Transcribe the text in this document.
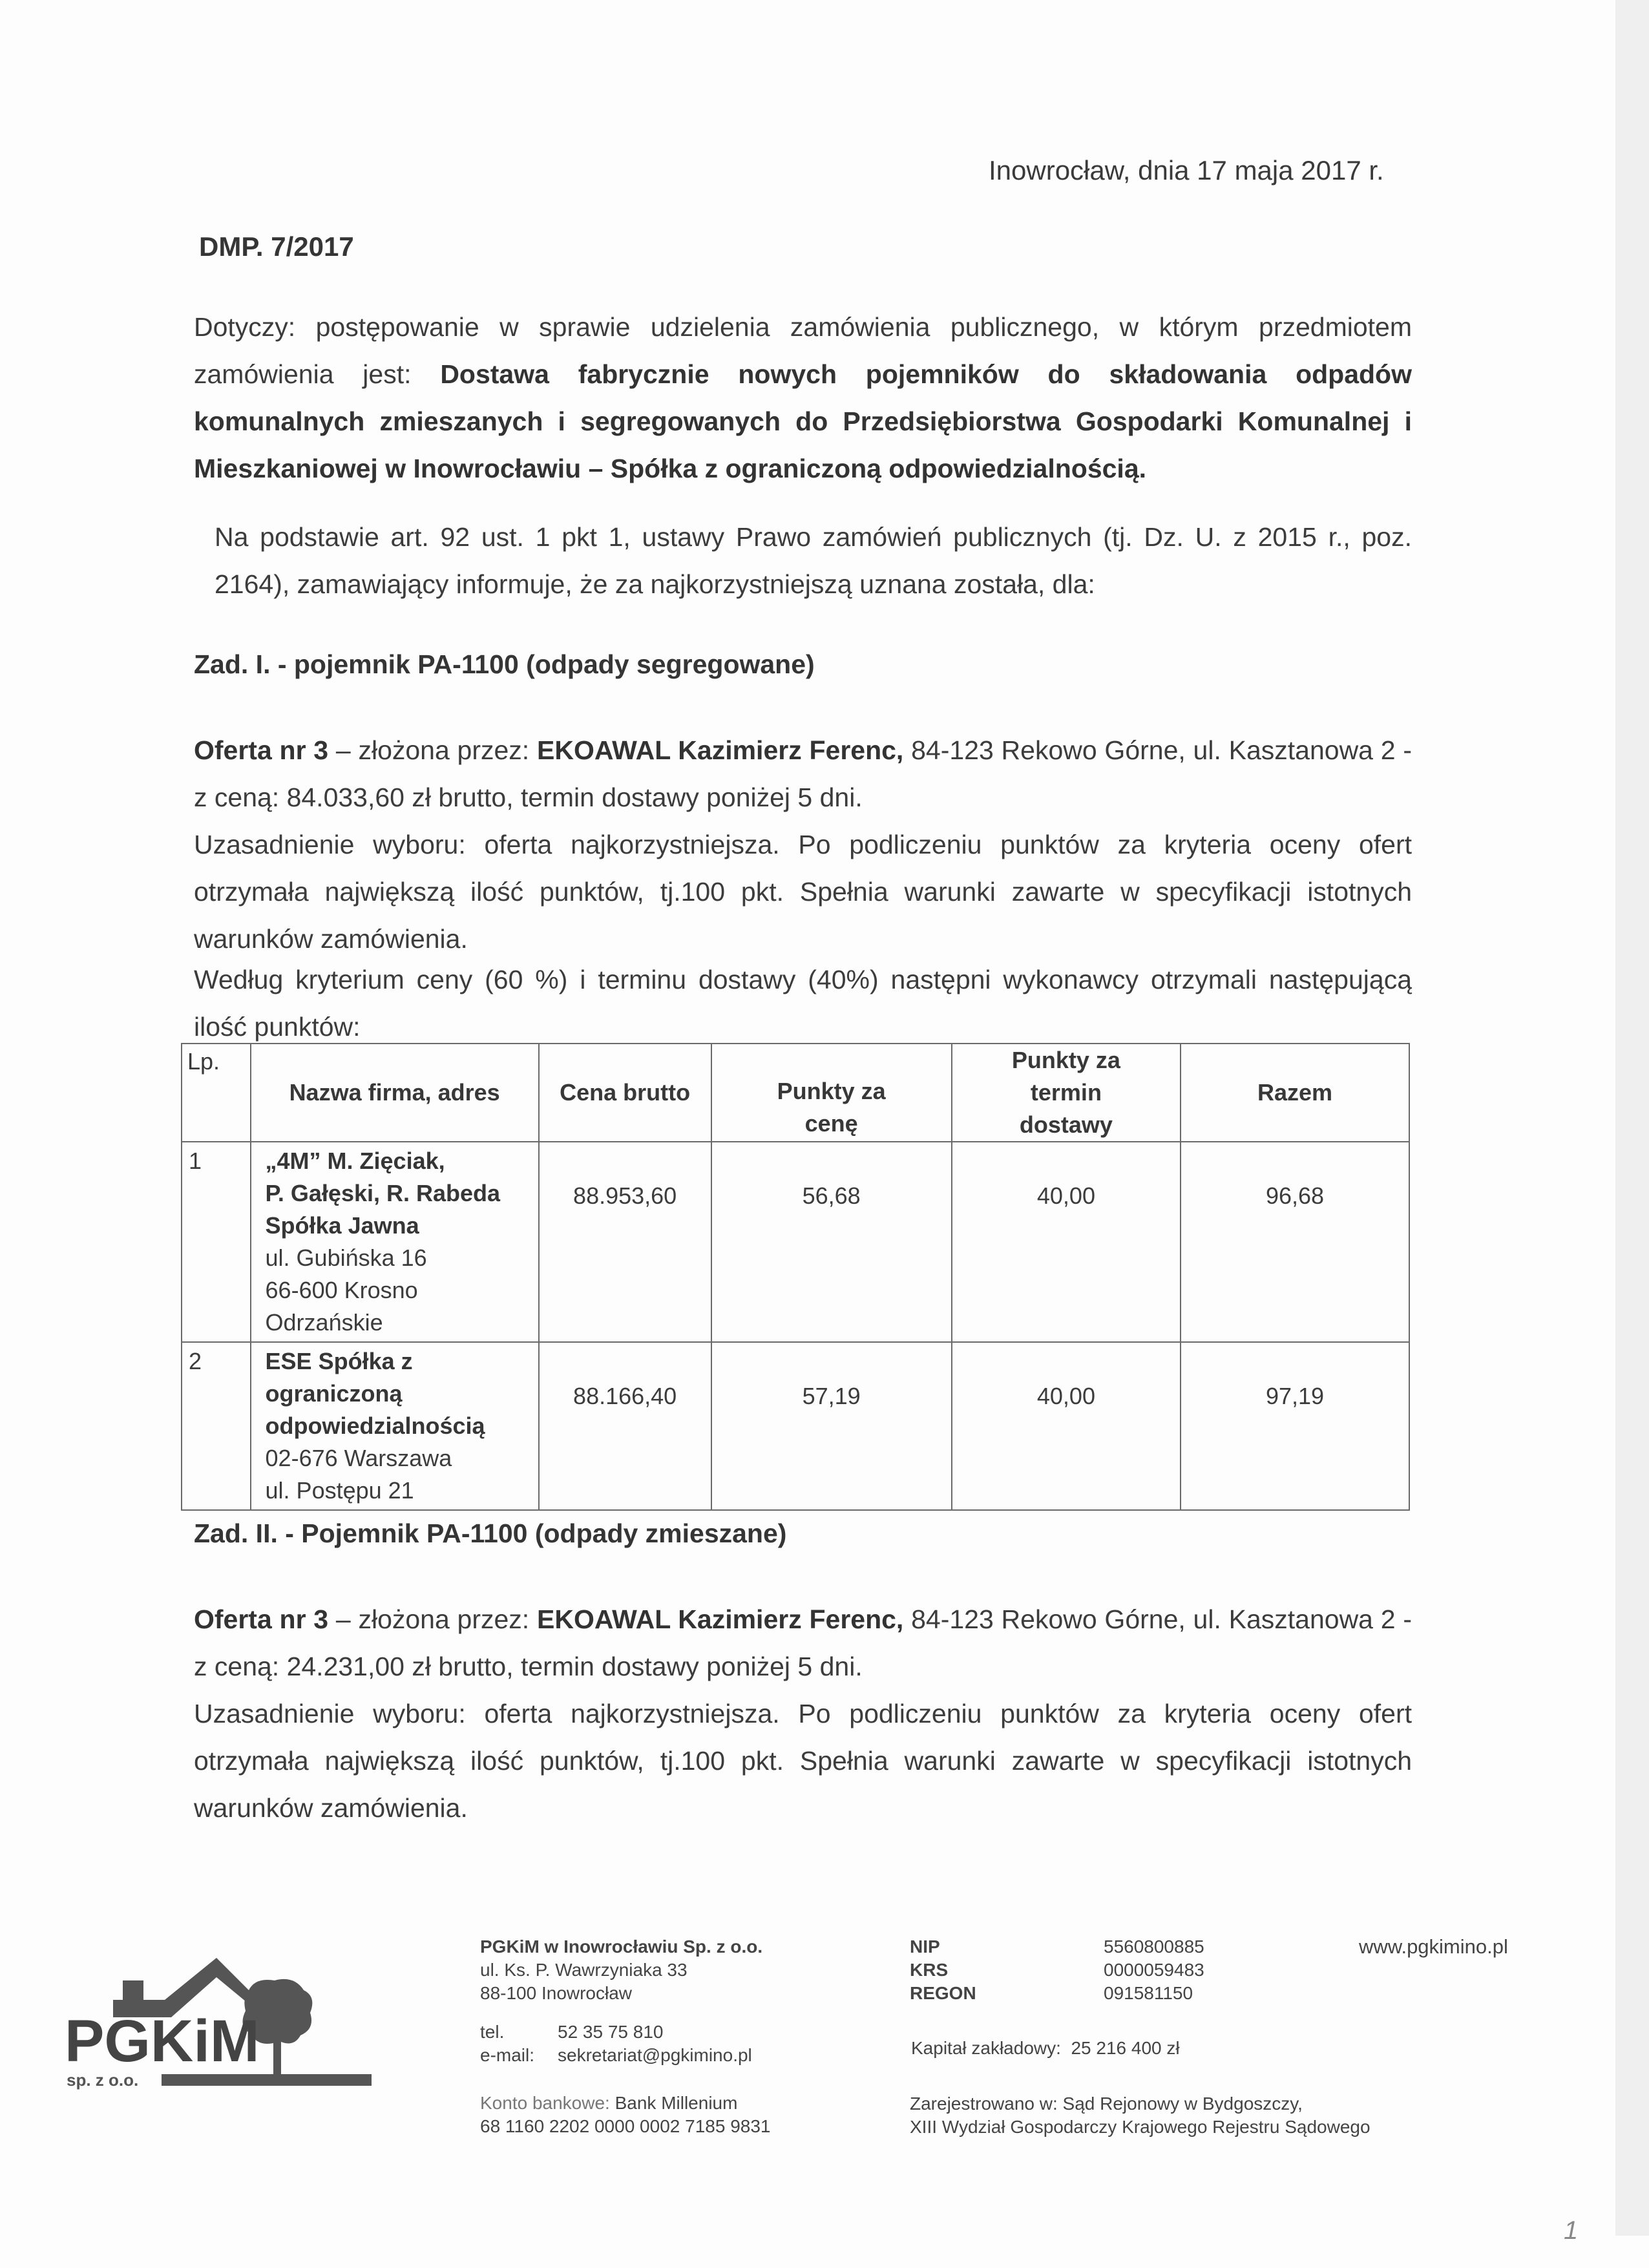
Inowrocław, dnia 17 maja 2017 r.
DMP. 7/2017
Dotyczy: postępowanie w sprawie udzielenia zamówienia publicznego, w którym przedmiotem zamówienia jest: Dostawa fabrycznie nowych pojemników do składowania odpadów komunalnych zmieszanych i segregowanych do Przedsiębiorstwa Gospodarki Komunalnej i Mieszkaniowej w Inowrocławiu – Spółka z ograniczoną odpowiedzialnością.

Na podstawie art. 92 ust. 1 pkt 1, ustawy Prawo zamówień publicznych (tj. Dz. U. z 2015 r., poz. 2164), zamawiający informuje, że za najkorzystniejszą uznana została, dla:

Zad. I. - pojemnik PA-1100 (odpady segregowane)

Oferta nr 3 – złożona przez: EKOAWAL Kazimierz Ferenc, 84-123 Rekowo Górne, ul. Kasztanowa 2 - z ceną: 84.033,60 zł brutto, termin dostawy poniżej 5 dni.

Uzasadnienie wyboru: oferta najkorzystniejsza. Po podliczeniu punktów za kryteria oceny ofert otrzymała największą ilość punktów, tj.100 pkt. Spełnia warunki zawarte w specyfikacji istotnych warunków zamówienia.

Według kryterium ceny (60 %) i terminu dostawy (40%) następni wykonawcy otrzymali następującą ilość punktów:
Lp.	Nazwa firma, adres	Cena brutto	Punkty za cenę	Punkty za termin dostawy	Razem
1	„4M” M. Zięciak,
P. Gałęski, R. Rabeda
Spółka Jawna
ul. Gubińska 16
66-600 Krosno
Odrzańskie
	88.953,60	56,68	40,00	96,68
2	ESE Spółka z
ograniczoną
odpowiedzialnością
02-676 Warszawa
ul. Postępu 21	88.166,40	57,19	40,00	97,19
Zad. II. - Pojemnik PA-1100 (odpady zmieszane)

Oferta nr 3 – złożona przez: EKOAWAL Kazimierz Ferenc, 84-123 Rekowo Górne, ul. Kasztanowa 2 - z ceną: 24.231,00 zł brutto, termin dostawy poniżej 5 dni.

Uzasadnienie wyboru: oferta najkorzystniejsza. Po podliczeniu punktów za kryteria oceny ofert otrzymała największą ilość punktów, tj.100 pkt. Spełnia warunki zawarte w specyfikacji istotnych warunków zamówienia.

PGKiM
sp. z o.o.
PGKiM w Inowrocławiu Sp. z o.o.
ul. Ks. P. Wawrzyniaka 33
88-100 Inowrocław
tel.	52 35 75 810
e-mail: sekretariat@pgkimino.pl
Konto bankowe: Bank Millenium
68 1160 2202 0000 0002 7185 9831
NIP	5560800885
KRS	0000059483
REGON	091581150
Kapitał zakładowy: 25 216 400 zł
Zarejestrowano w: Sąd Rejonowy w Bydgoszczy,
XIII Wydział Gospodarczy Krajowego Rejestru Sądowego
www.pgkimino.pl
1
